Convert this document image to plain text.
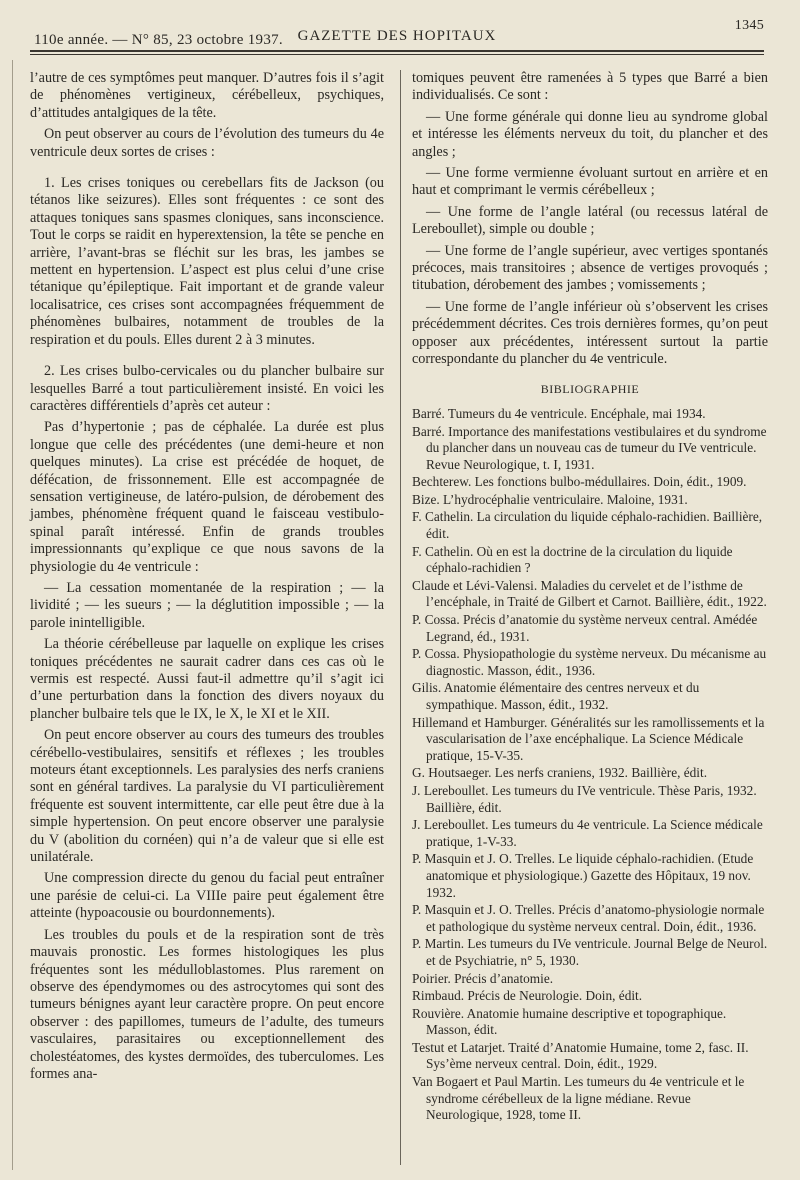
110e année. — N° 85, 23 octobre 1937. GAZETTE DES HOPITAUX
1345

l’autre de ces symptômes peut manquer. D’autres fois il s’agit de phénomènes vertigineux, cérébelleux, psychiques, d’attitudes antalgiques de la tête.

On peut observer au cours de l’évolution des tumeurs du 4e ventricule deux sortes de crises :

1. Les crises toniques ou cerebellars fits de Jackson (ou tétanos like seizures). Elles sont fréquentes : ce sont des attaques toniques sans spasmes cloniques, sans inconscience. Tout le corps se raidit en hyperextension, la tête se penche en arrière, l’avant-bras se fléchit sur les bras, les jambes se mettent en hypertension. L’aspect est plus celui d’une crise tétanique qu’épileptique. Fait important et de grande valeur localisatrice, ces crises sont accompagnées fréquemment de phénomènes bulbaires, notamment de troubles de la respiration et du pouls. Elles durent 2 à 3 minutes.

2. Les crises bulbo-cervicales ou du plancher bulbaire sur lesquelles Barré a tout particulièrement insisté. En voici les caractères différentiels d’après cet auteur :

Pas d’hypertonie ; pas de céphalée. La durée est plus longue que celle des précédentes (une demi-heure et non quelques minutes). La crise est précédée de hoquet, de défécation, de frissonnement. Elle est accompagnée de sensation vertigineuse, de latéro-pulsion, de dérobement des jambes, phénomène fréquent quand le faisceau vestibulo-spinal paraît intéressé. Enfin de grands troubles impressionnants qu’explique ce que nous savons de la physiologie du 4e ventricule :

— La cessation momentanée de la respiration ; — la lividité ; — les sueurs ; — la déglutition impossible ; — la parole inintelligible.

La théorie cérébelleuse par laquelle on explique les crises toniques précédentes ne saurait cadrer dans ces cas où le vermis est respecté. Aussi faut-il admettre qu’il s’agit ici d’une perturbation dans la fonction des divers noyaux du plancher bulbaire tels que le IX, le X, le XI et le XII.

On peut encore observer au cours des tumeurs des troubles cérébello-vestibulaires, sensitifs et réflexes ; les troubles moteurs étant exceptionnels. Les paralysies des nerfs craniens sont en général tardives. La paralysie du VI particulièrement fréquente est souvent intermittente, car elle peut être due à la simple hypertension. On peut encore observer une paralysie du V (abolition du cornéen) qui n’a de valeur que si elle est unilatérale.

Une compression directe du genou du facial peut entraîner une parésie de celui-ci. La VIIIe paire peut également être atteinte (hypoacousie ou bourdonnements).

Les troubles du pouls et de la respiration sont de très mauvais pronostic. Les formes histologiques les plus fréquentes sont les médulloblastomes. Plus rarement on observe des épendymomes ou des astrocytomes qui sont des tumeurs bénignes ayant leur caractère propre. On peut encore observer : des papillomes, tumeurs de l’adulte, des tumeurs vasculaires, parasitaires ou exceptionnellement des cholestéatomes, des kystes dermoïdes, des tuberculomes. Les formes ana-

tomiques peuvent être ramenées à 5 types que Barré a bien individualisés. Ce sont :

— Une forme générale qui donne lieu au syndrome global et intéresse les éléments nerveux du toit, du plancher et des angles ;

— Une forme vermienne évoluant surtout en arrière et en haut et comprimant le vermis cérébelleux ;

— Une forme de l’angle latéral (ou recessus latéral de Lereboullet), simple ou double ;

— Une forme de l’angle supérieur, avec vertiges spontanés précoces, mais transitoires ; absence de vertiges provoqués ; titubation, dérobement des jambes ; vomissements ;

— Une forme de l’angle inférieur où s’observent les crises précédemment décrites. Ces trois dernières formes, qu’on peut opposer aux précédentes, intéressent surtout la partie correspondante du plancher du 4e ventricule.

BIBLIOGRAPHIE
Barré. Tumeurs du 4e ventricule. Encéphale, mai 1934.
Barré. Importance des manifestations vestibulaires et du syndrome du plancher dans un nouveau cas de tumeur du IVe ventricule. Revue Neurologique, t. I, 1931.
Bechterew. Les fonctions bulbo-médullaires. Doin, édit., 1909.
Bize. L’hydrocéphalie ventriculaire. Maloine, 1931.
F. Cathelin. La circulation du liquide céphalo-rachidien. Baillière, édit.
F. Cathelin. Où en est la doctrine de la circulation du liquide céphalo-rachidien ?
Claude et Lévi-Valensi. Maladies du cervelet et de l’isthme de l’encéphale, in Traité de Gilbert et Carnot. Baillière, édit., 1922.
P. Cossa. Précis d’anatomie du système nerveux central. Amédée Legrand, éd., 1931.
P. Cossa. Physiopathologie du système nerveux. Du mécanisme au diagnostic. Masson, édit., 1936.
Gilis. Anatomie élémentaire des centres nerveux et du sympathique. Masson, édit., 1932.
Hillemand et Hamburger. Généralités sur les ramollissements et la vascularisation de l’axe encéphalique. La Science Médicale pratique, 15-V-35.
G. Houtsaeger. Les nerfs craniens, 1932. Baillière, édit.
J. Lereboullet. Les tumeurs du IVe ventricule. Thèse Paris, 1932. Baillière, édit.
J. Lereboullet. Les tumeurs du 4e ventricule. La Science médicale pratique, 1-V-33.
P. Masquin et J. O. Trelles. Le liquide céphalo-rachidien. (Etude anatomique et physiologique.) Gazette des Hôpitaux, 19 nov. 1932.
P. Masquin et J. O. Trelles. Précis d’anatomo-physiologie normale et pathologique du système nerveux central. Doin, édit., 1936.
P. Martin. Les tumeurs du IVe ventricule. Journal Belge de Neurol. et de Psychiatrie, n° 5, 1930.
Poirier. Précis d’anatomie.
Rimbaud. Précis de Neurologie. Doin, édit.
Rouvière. Anatomie humaine descriptive et topographique. Masson, édit.
Testut et Latarjet. Traité d’Anatomie Humaine, tome 2, fasc. II. Sys’ème nerveux central. Doin, édit., 1929.
Van Bogaert et Paul Martin. Les tumeurs du 4e ventricule et le syndrome cérébelleux de la ligne médiane. Revue Neurologique, 1928, tome II.
